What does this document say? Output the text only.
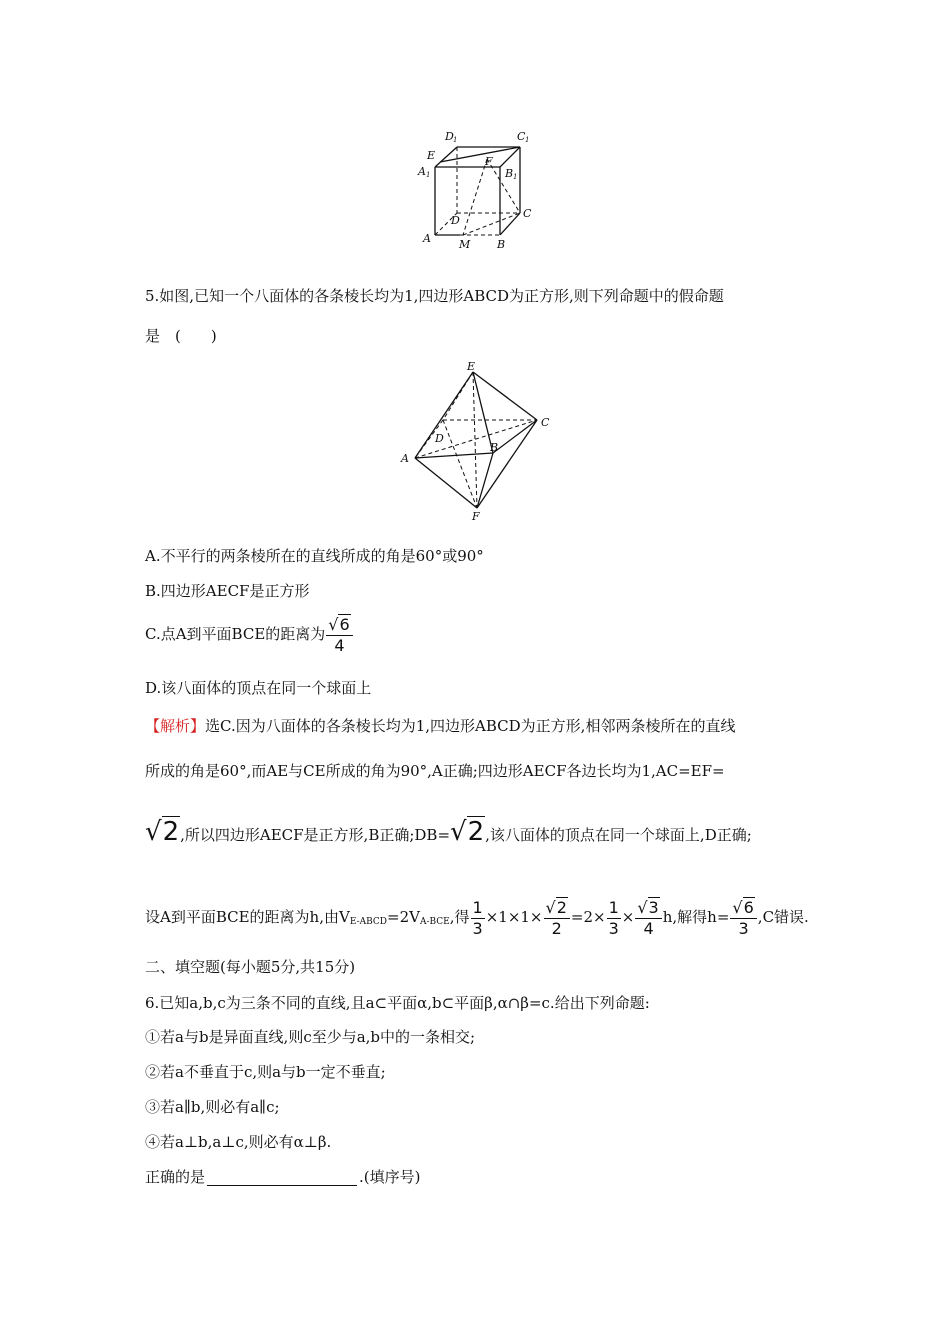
D 1	C 1
E	F
A 1	B 1
D
C
A	M B
5.如图,已知一个八面体的各条棱长均为1,四边形ABCD为正方形,则下列命题中的假命题
是　(　　)
E
C
D
B
A
F
A.不平行的两条棱所在的直线所成的角是60°或90°
B.四边形AECF是正方形
C.点A到平面BCE的距离为 $\frac{√6}{4}$
D.该八面体的顶点在同一个球面上
【解析】选C.因为八面体的各条棱长均为1,四边形ABCD为正方形,相邻两条棱所在的直线
所成的角是60°,而AE与CE所成的角为90°,A正确;四边形AECF各边长均为1,AC=EF=
√2,所以四边形AECF是正方形,B正确;DB=√2,该八面体的顶点在同一个球面上,D正确;
设A到平面BCE的距离为h,由$V_{E-ABCD}=2V_{A-BCE}$,得 $\frac{1}{3} \times 1\times 1\times \frac{√2}{2} =2\times \frac{1}{3} \times \frac{√3}{4} h$,解得$h= \frac{√6}{3} ,C$错误.
二、填空题(每小题5分,共15分)
6.已知a,b,c为三条不同的直线,且a⊂平面α,b⊂平面β,α∩β=c.给出下列命题:
①若a与b是异面直线,则c至少与a,b中的一条相交;
②若a不垂直于c,则a与b一定不垂直;
③若a∥b,则必有a∥c;
④若a⊥b,a⊥c,则必有α⊥β.
正确的是	.(填序号)
